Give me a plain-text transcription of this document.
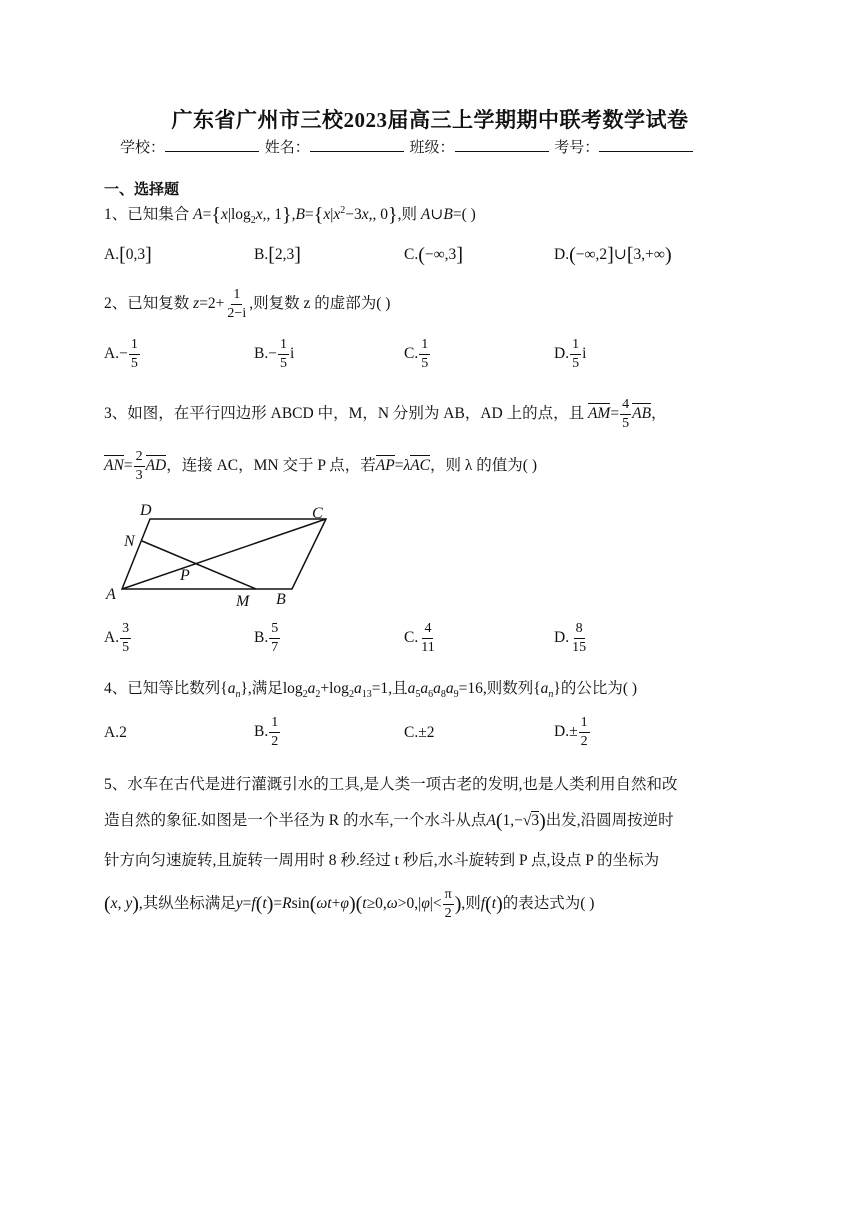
广东省广州市三校2023届高三上学期期中联考数学试卷
学校：	姓名：	班级：	考号：
一、选择题
1、已知集合 $A=\{x|\log_2x$,, $1\},B=\{x|x^2-3x$,, 0},则 A∪B=( )
A.[0,3]	B.[2,3]	C.(−∞,3]	D.(−∞,2]∪[3,+∞)
2、已知复数 $z=2+ \frac{1}{2-i}$ ,则复数 z 的虚部为( )
$A.- \frac{1}{5}$	$B.- \frac{1}{5}$ i	C. $\frac{1}{5}$	D. $\frac{1}{5}$ i
3、如图，在平行四边形 ABCD 中，M，N 分别为 AB，AD 上的点，且 $AM= \frac{4}{5}$ AB，
$AN= \frac{2}{3}$ AD，连接 AC，MN 交于 P 点，若AP=λAC，则 λ 的值为( )
D	C
N
P
A	M B
A. $\frac{3}{5}$	B. $\frac{5}{7}$	C. $\frac{4}{11}$	D. $\frac{8}{15}$
4、已知等比数列$\{a_n\}$,满足$\log_2a_2+\log_2a_{13}=1$,且$a_5a_6a_8a_9=16$,则数列$\{a_n\}$的公比为( )
A.2	B. $\frac{1}{2}$	C.±2	$D.\pm \frac{1}{2}$
5、水车在古代是进行灌溉引水的工具,是人类一项古老的发明,也是人类利用自然和改
造自然的象征.如图是一个半径为 R 的水车,一个水斗从点A(1,−√3)出发,沿圆周按逆时
针方向匀速旋转,且旋转一周用时 8 秒.经过 t 秒后,水斗旋转到 P 点,设点 P 的坐标为
(x, y),其纵坐标满足$y=f(t)=Rsin(\omega t+\varphi)(t\ge 0,\omega>0,|\varphi|< \frac{\pi}{2}$ ),则f(t)的表达式为( )
